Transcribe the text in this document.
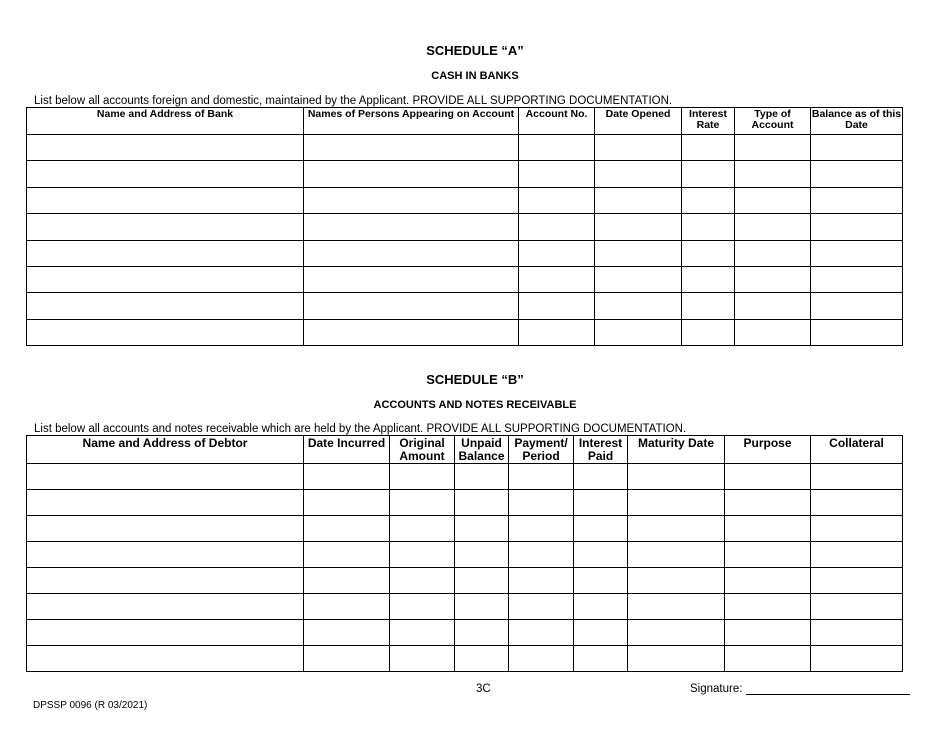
SCHEDULE “A”
CASH IN BANKS
List below all accounts foreign and domestic, maintained by the Applicant. PROVIDE ALL SUPPORTING DOCUMENTATION.
Name and Address of Bank	Names of Persons Appearing on Account	Account No.	Date Opened	Interest Rate	Type of Account	Balance as of this Date

SCHEDULE “B”
ACCOUNTS AND NOTES RECEIVABLE
List below all accounts and notes receivable which are held by the Applicant. PROVIDE ALL SUPPORTING DOCUMENTATION.
Name and Address of Debtor	Date Incurred	Original Amount	Unpaid Balance	Payment/ Period	Interest Paid	Maturity Date	Purpose	Collateral

3C	Signature:
DPSSP 0096 (R 03/2021)
